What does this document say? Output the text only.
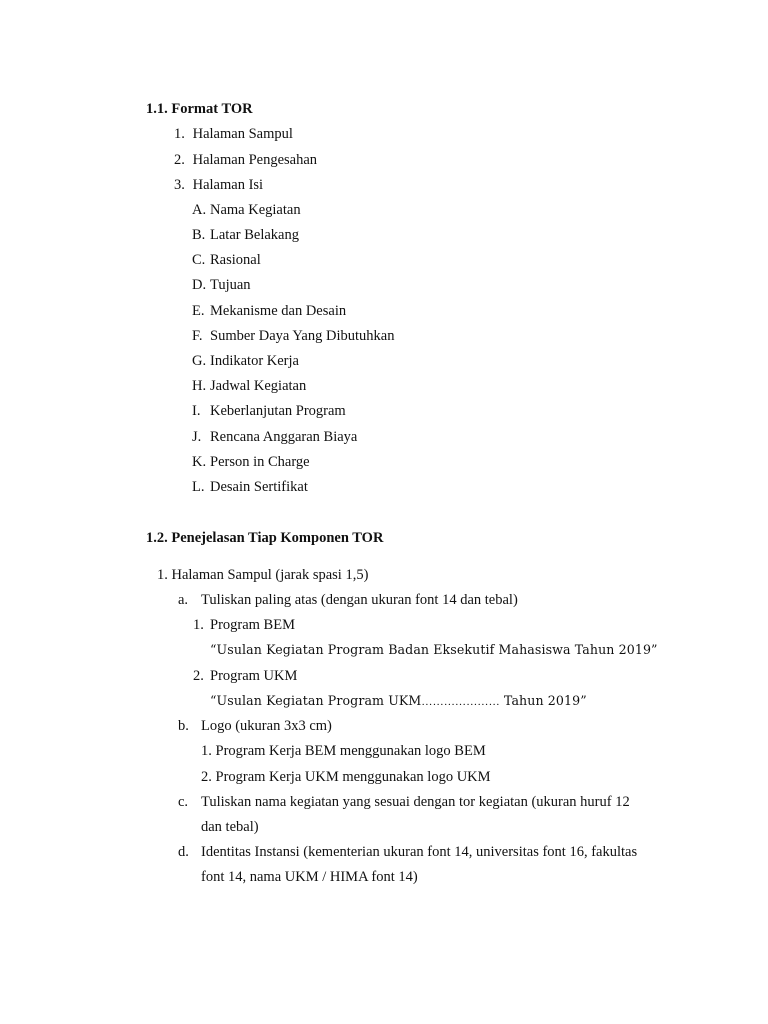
1.1. Format TOR
1. Halaman Sampul
2. Halaman Pengesahan
3. Halaman Isi
A. Nama Kegiatan
B. Latar Belakang
C. Rasional
D. Tujuan
E. Mekanisme dan Desain
F. Sumber Daya Yang Dibutuhkan
G. Indikator Kerja
H. Jadwal Kegiatan
I. Keberlanjutan Program
J. Rencana Anggaran Biaya
K. Person in Charge
L. Desain Sertifikat
1.2. Penejelasan Tiap Komponen TOR
1. Halaman Sampul (jarak spasi 1,5)
a. Tuliskan paling atas (dengan ukuran font 14 dan tebal)
1. Program BEM
“Usulan Kegiatan Program Badan Eksekutif Mahasiswa Tahun 2019”
2. Program UKM
“Usulan Kegiatan Program UKM………………… Tahun 2019”
b. Logo (ukuran 3x3 cm)
1. Program Kerja BEM menggunakan logo BEM
2. Program Kerja UKM menggunakan logo UKM
c. Tuliskan nama kegiatan yang sesuai dengan tor kegiatan (ukuran huruf 12
dan tebal)
d. Identitas Instansi (kementerian ukuran font 14, universitas font 16, fakultas
font 14, nama UKM / HIMA font 14)
